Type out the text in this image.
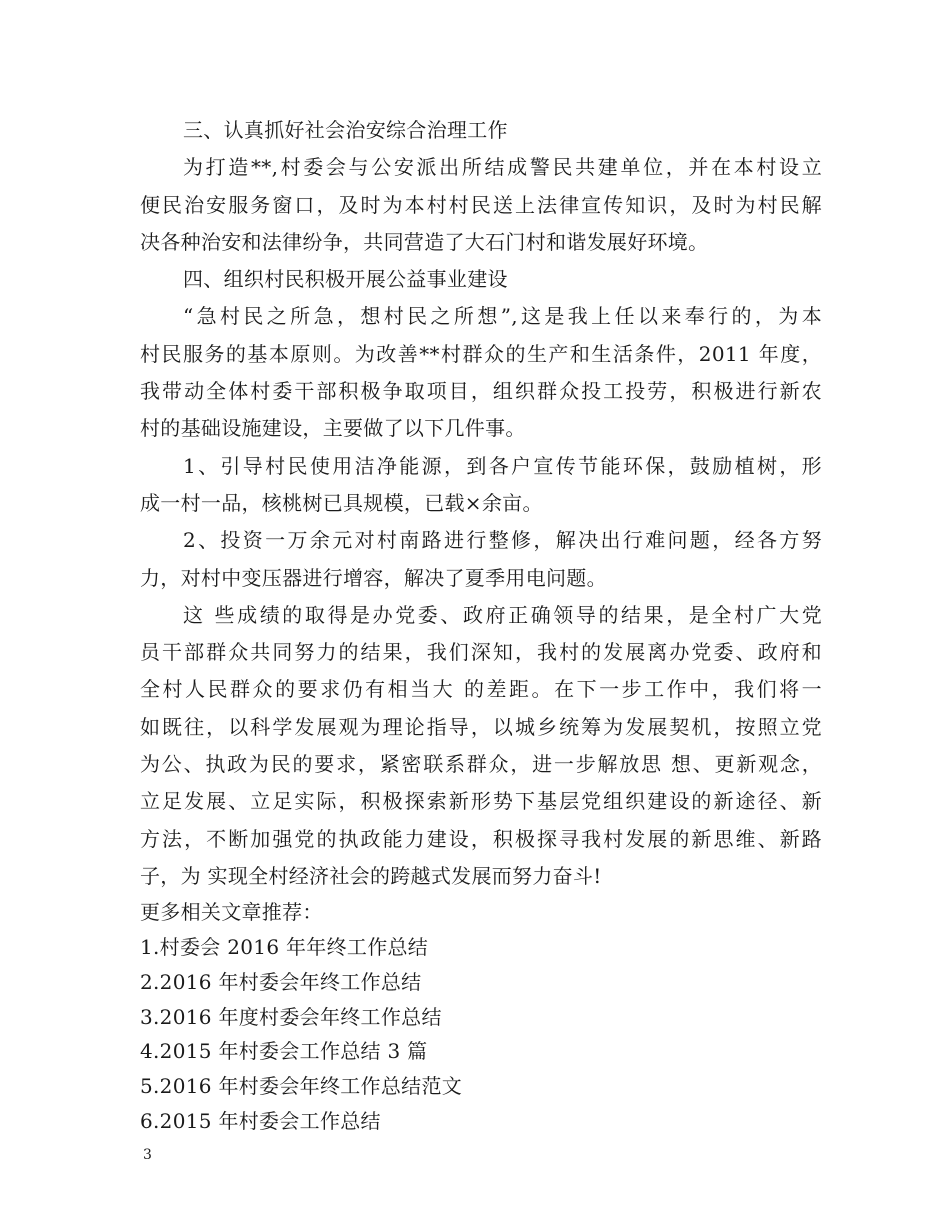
三、认真抓好社会治安综合治理工作
为打造**,村委会与公安派出所结成警民共建单位，并在本村设立
便民治安服务窗口，及时为本村村民送上法律宣传知识，及时为村民解
决各种治安和法律纷争，共同营造了大石门村和谐发展好环境。
四、组织村民积极开展公益事业建设
“急村民之所急，想村民之所想”,这是我上任以来奉行的，为本
村民服务的基本原则。为改善**村群众的生产和生活条件，2011 年度，
我带动全体村委干部积极争取项目，组织群众投工投劳，积极进行新农
村的基础设施建设，主要做了以下几件事。
1、引导村民使用洁净能源，到各户宣传节能环保，鼓励植树，形
成一村一品，核桃树已具规模，已载×余亩。
2、投资一万余元对村南路进行整修，解决出行难问题，经各方努
力，对村中变压器进行增容，解决了夏季用电问题。
这 些成绩的取得是办党委、政府正确领导的结果，是全村广大党
员干部群众共同努力的结果，我们深知，我村的发展离办党委、政府和
全村人民群众的要求仍有相当大 的差距。在下一步工作中，我们将一
如既往，以科学发展观为理论指导，以城乡统筹为发展契机，按照立党
为公、执政为民的要求，紧密联系群众，进一步解放思 想、更新观念，
立足发展、立足实际，积极探索新形势下基层党组织建设的新途径、新
方法，不断加强党的执政能力建设，积极探寻我村发展的新思维、新路
子，为 实现全村经济社会的跨越式发展而努力奋斗!
更多相关文章推荐：
1.村委会 2016 年年终工作总结
2.2016 年村委会年终工作总结
3.2016 年度村委会年终工作总结
4.2015 年村委会工作总结 3 篇
5.2016 年村委会年终工作总结范文
6.2015 年村委会工作总结
3
